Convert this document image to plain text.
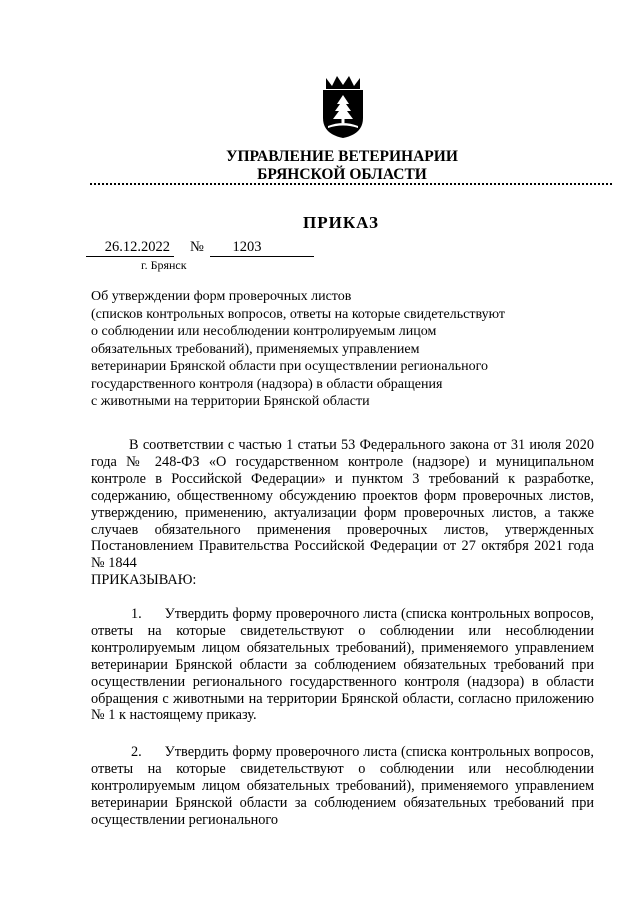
УПРАВЛЕНИЕ ВЕТЕРИНАРИИ
БРЯНСКОЙ ОБЛАСТИ
ПРИКАЗ
26.12.2022 №	1203
г. Брянск
Об утверждении форм проверочных листов
(списков контрольных вопросов, ответы на которые свидетельствуют
о соблюдении или несоблюдении контролируемым лицом
обязательных требований), применяемых управлением
ветеринарии Брянской области при осуществлении регионального
государственного контроля (надзора) в области обращения
с животными на территории Брянской области
В соответствии с частью 1 статьи 53 Федерального закона от 31 июля 2020 года № 248-ФЗ «О государственном контроле (надзоре) и муниципальном контроле в Российской Федерации» и пунктом 3 требований к разработке, содержанию, общественному обсуждению проектов форм проверочных листов, утверждению, применению, актуализации форм проверочных листов, а также случаев обязательного применения проверочных листов, утвержденных Постановлением Правительства Российской Федерации от 27 октября 2021 года № 1844
ПРИКАЗЫВАЮ:
1.      Утвердить форму проверочного листа (списка контрольных вопросов, ответы на которые свидетельствуют о соблюдении или несоблюдении контролируемым лицом обязательных требований), применяемого управлением ветеринарии Брянской области за соблюдением обязательных требований при осуществлении регионального государственного контроля (надзора) в области обращения с животными на территории Брянской области, согласно приложению № 1 к настоящему приказу.
2.      Утвердить форму проверочного листа (списка контрольных вопросов, ответы на которые свидетельствуют о соблюдении или несоблюдении контролируемым лицом обязательных требований), применяемого управлением ветеринарии Брянской области за соблюдением обязательных требований при осуществлении регионального
